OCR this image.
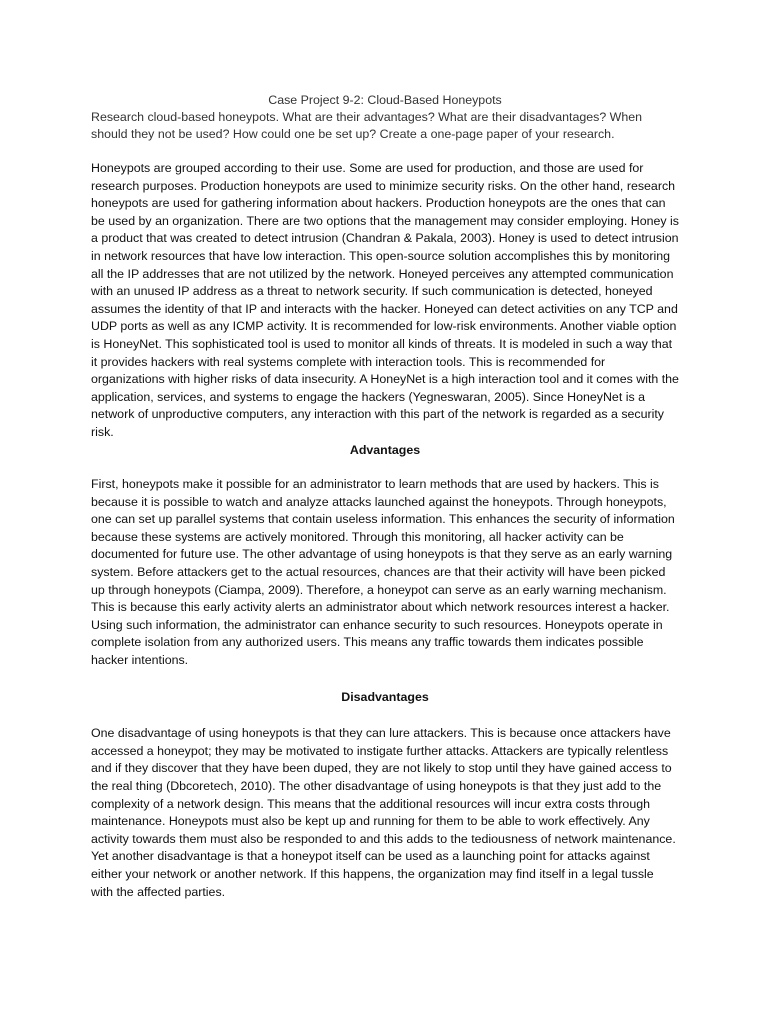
Case Project 9-2: Cloud-Based Honeypots

Research cloud-based honeypots. What are their advantages? What are their disadvantages? When should they not be used? How could one be set up? Create a one-page paper of your research.

Honeypots are grouped according to their use. Some are used for production, and those are used for research purposes. Production honeypots are used to minimize security risks. On the other hand, research honeypots are used for gathering information about hackers. Production honeypots are the ones that can be used by an organization. There are two options that the management may consider employing. Honey is a product that was created to detect intrusion (Chandran & Pakala, 2003). Honey is used to detect intrusion in network resources that have low interaction. This open-source solution accomplishes this by monitoring all the IP addresses that are not utilized by the network. Honeyed perceives any attempted communication with an unused IP address as a threat to network security. If such communication is detected, honeyed assumes the identity of that IP and interacts with the hacker. Honeyed can detect activities on any TCP and UDP ports as well as any ICMP activity. It is recommended for low-risk environments. Another viable option is HoneyNet. This sophisticated tool is used to monitor all kinds of threats. It is modeled in such a way that it provides hackers with real systems complete with interaction tools. This is recommended for organizations with higher risks of data insecurity. A HoneyNet is a high interaction tool and it comes with the application, services, and systems to engage the hackers (Yegneswaran, 2005). Since HoneyNet is a network of unproductive computers, any interaction with this part of the network is regarded as a security risk.

Advantages

First, honeypots make it possible for an administrator to learn methods that are used by hackers. This is because it is possible to watch and analyze attacks launched against the honeypots. Through honeypots, one can set up parallel systems that contain useless information. This enhances the security of information because these systems are actively monitored. Through this monitoring, all hacker activity can be documented for future use. The other advantage of using honeypots is that they serve as an early warning system. Before attackers get to the actual resources, chances are that their activity will have been picked up through honeypots (Ciampa, 2009). Therefore, a honeypot can serve as an early warning mechanism. This is because this early activity alerts an administrator about which network resources interest a hacker. Using such information, the administrator can enhance security to such resources. Honeypots operate in complete isolation from any authorized users. This means any traffic towards them indicates possible hacker intentions.

Disadvantages

One disadvantage of using honeypots is that they can lure attackers. This is because once attackers have accessed a honeypot; they may be motivated to instigate further attacks. Attackers are typically relentless and if they discover that they have been duped, they are not likely to stop until they have gained access to the real thing (Dbcoretech, 2010). The other disadvantage of using honeypots is that they just add to the complexity of a network design. This means that the additional resources will incur extra costs through maintenance. Honeypots must also be kept up and running for them to be able to work effectively. Any activity towards them must also be responded to and this adds to the tediousness of network maintenance. Yet another disadvantage is that a honeypot itself can be used as a launching point for attacks against either your network or another network. If this happens, the organization may find itself in a legal tussle with the affected parties.
